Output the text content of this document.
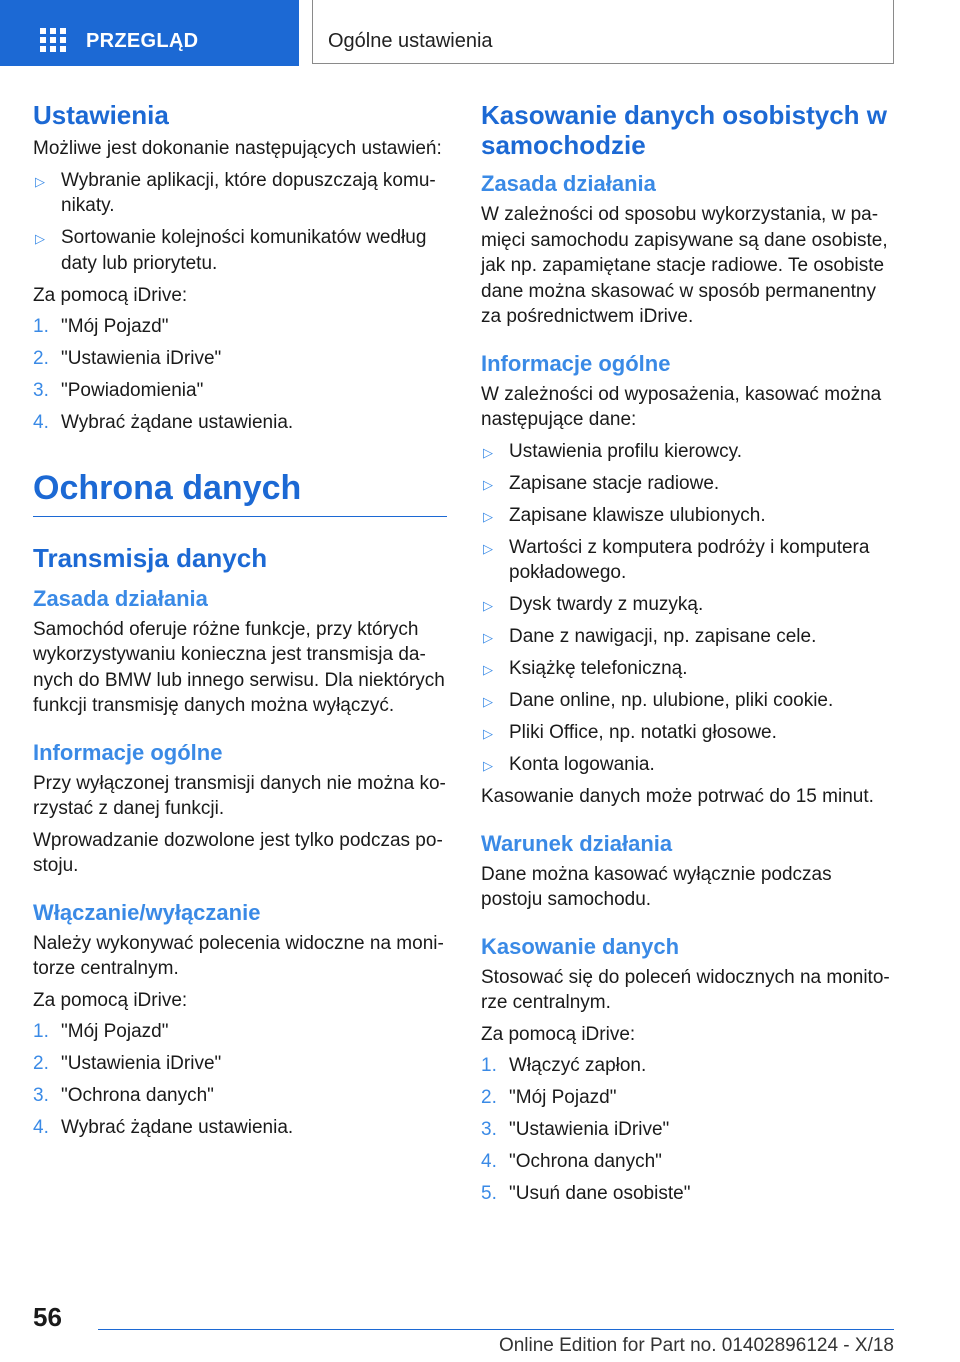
PRZEGLĄD	Ogólne ustawienia
Ustawienia

Możliwe jest dokonanie następujących ustawień:

▷ Wybranie aplikacji, które dopuszczają komu‐ nikaty.
▷ Sortowanie kolejności komunikatów według daty lub priorytetu.

Za pomocą iDrive:

1. "Mój Pojazd"
2. "Ustawienia iDrive"
3. "Powiadomienia"
4. Wybrać żądane ustawienia.
Ochrona danych
Transmisja danych
Zasada działania

Samochód oferuje różne funkcje, przy których wykorzystywaniu konieczna jest transmisja da‐ nych do BMW lub innego serwisu. Dla niektórych funkcji transmisję danych można wyłączyć.

Informacje ogólne

Przy wyłączonej transmisji danych nie można ko‐ rzystać z danej funkcji.

Wprowadzanie dozwolone jest tylko podczas po‐ stoju.

Włączanie/wyłączanie

Należy wykonywać polecenia widoczne na moni‐ torze centralnym.

Za pomocą iDrive:

1. "Mój Pojazd"
2. "Ustawienia iDrive"
3. "Ochrona danych"
4. Wybrać żądane ustawienia.
Kasowanie danych osobistych w samochodzie
Zasada działania

W zależności od sposobu wykorzystania, w pa‐ mięci samochodu zapisywane są dane osobiste, jak np. zapamiętane stacje radiowe. Te osobiste dane można skasować w sposób permanentny za pośrednictwem iDrive.

Informacje ogólne

W zależności od wyposażenia, kasować można następujące dane:

▷ Ustawienia profilu kierowcy.
▷ Zapisane stacje radiowe.
▷ Zapisane klawisze ulubionych.
▷ Wartości z komputera podróży i komputera pokładowego.
▷ Dysk twardy z muzyką.
▷ Dane z nawigacji, np. zapisane cele.
▷ Książkę telefoniczną.
▷ Dane online, np. ulubione, pliki cookie.
▷ Pliki Office, np. notatki głosowe.
▷ Konta logowania.

Kasowanie danych może potrwać do 15 minut.

Warunek działania

Dane można kasować wyłącznie podczas postoju samochodu.

Kasowanie danych

Stosować się do poleceń widocznych na monito‐ rze centralnym.

Za pomocą iDrive:

1. Włączyć zapłon.
2. "Mój Pojazd"
3. "Ustawienia iDrive"
4. "Ochrona danych"
5. "Usuń dane osobiste"
56
Online Edition for Part no. 01402896124 - X/18
